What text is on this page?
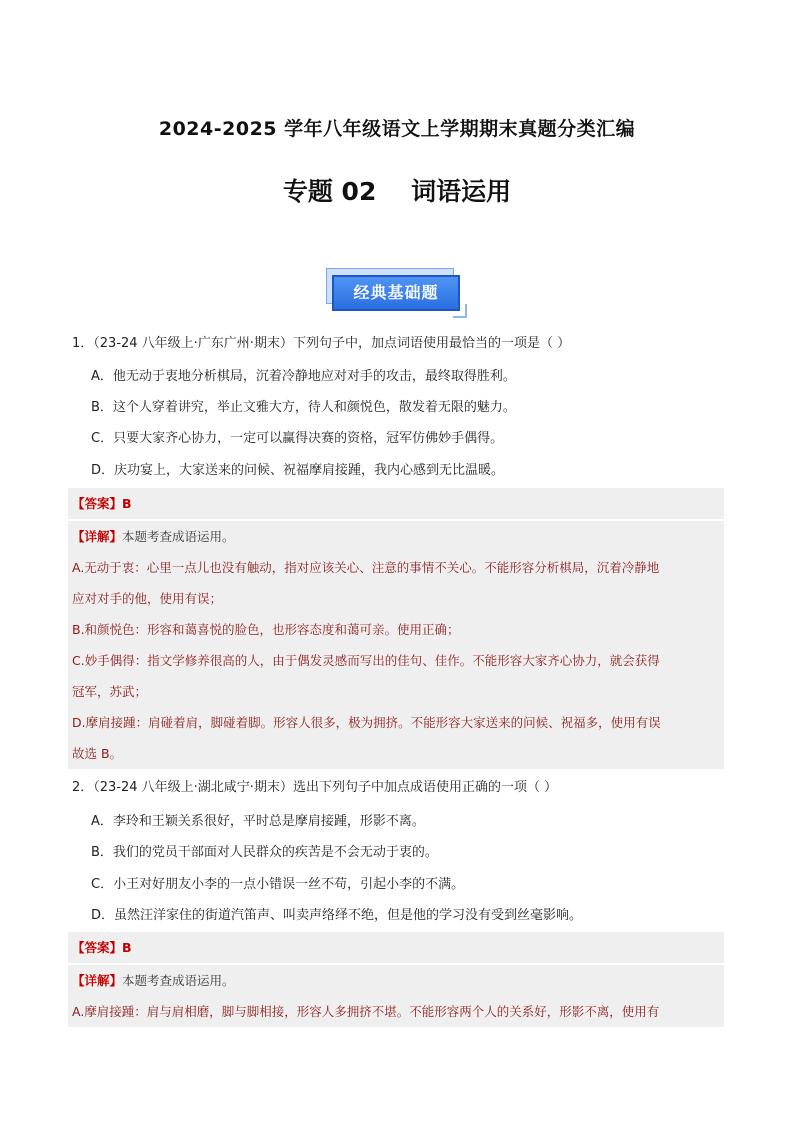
2024-2025 学年八年级语文上学期期末真题分类汇编
专题 02    词语运用
经典基础题
1．（23-24 八年级上·广东广州·期末）下列句子中，加点词语使用最恰当的一项是（ ）
A．他无动于衷地分析棋局，沉着冷静地应对对手的攻击，最终取得胜利。
B．这个人穿着讲究，举止文雅大方，待人和颜悦色，散发着无限的魅力。
C．只要大家齐心协力，一定可以赢得决赛的资格，冠军仿佛妙手偶得。
D．庆功宴上，大家送来的问候、祝福摩肩接踵，我内心感到无比温暖。
【答案】B
【详解】本题考查成语运用。
A.无动于衷：心里一点儿也没有触动，指对应该关心、注意的事情不关心。不能形容分析棋局，沉着冷静地
应对对手的他，使用有误；
B.和颜悦色：形容和蔼喜悦的脸色，也形容态度和蔼可亲。使用正确；
C.妙手偶得：指文学修养很高的人，由于偶发灵感而写出的佳句、佳作。不能形容大家齐心协力，就会获得
冠军，苏武；
D.摩肩接踵：肩碰着肩，脚碰着脚。形容人很多，极为拥挤。不能形容大家送来的问候、祝福多，使用有误
故选 B。
2．（23-24 八年级上·湖北咸宁·期末）选出下列句子中加点成语使用正确的一项（ ）
A．李玲和王颖关系很好，平时总是摩肩接踵，形影不离。
B．我们的党员干部面对人民群众的疾苦是不会无动于衷的。
C．小王对好朋友小李的一点小错误一丝不苟，引起小李的不满。
D．虽然汪洋家住的街道汽笛声、叫卖声络绎不绝，但是他的学习没有受到丝毫影响。
【答案】B
【详解】本题考查成语运用。
A.摩肩接踵：肩与肩相磨，脚与脚相接，形容人多拥挤不堪。不能形容两个人的关系好，形影不离，使用有
